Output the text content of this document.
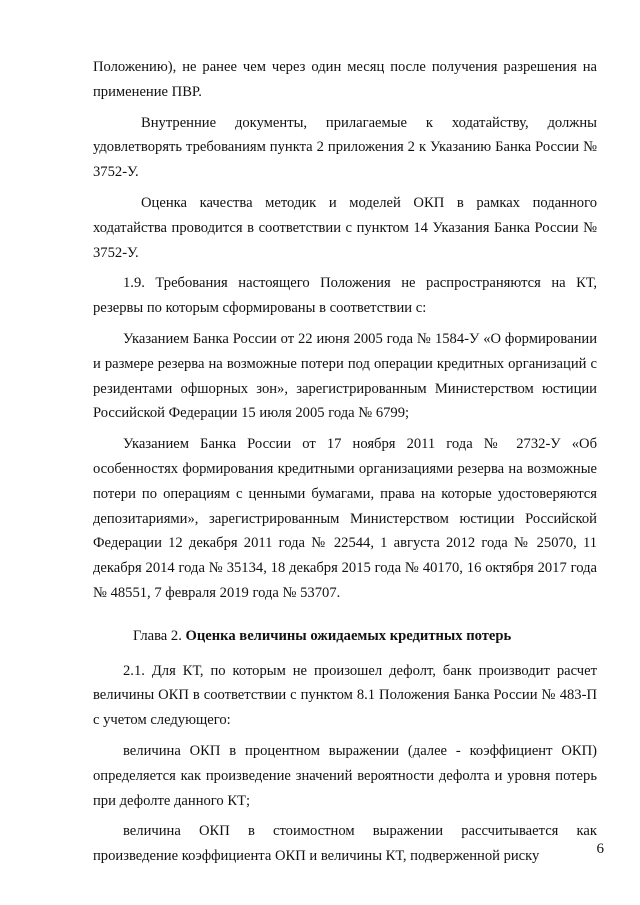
Положению), не ранее чем через один месяц после получения разрешения на применение ПВР.

Внутренние документы, прилагаемые к ходатайству, должны удовлетворять требованиям пункта 2 приложения 2 к Указанию Банка России № 3752-У.

Оценка качества методик и моделей ОКП в рамках поданного ходатайства проводится в соответствии с пунктом 14 Указания Банка России № 3752-У.

1.9. Требования настоящего Положения не распространяются на КТ, резервы по которым сформированы в соответствии с:

Указанием Банка России от 22 июня 2005 года № 1584-У «О формировании и размере резерва на возможные потери под операции кредитных организаций с резидентами офшорных зон», зарегистрированным Министерством юстиции Российской Федерации 15 июля 2005 года № 6799;

Указанием Банка России от 17 ноября 2011 года № 2732-У «Об особенностях формирования кредитными организациями резерва на возможные потери по операциям с ценными бумагами, права на которые удостоверяются депозитариями», зарегистрированным Министерством юстиции Российской Федерации 12 декабря 2011 года № 22544, 1 августа 2012 года № 25070, 11 декабря 2014 года № 35134, 18 декабря 2015 года № 40170, 16 октября 2017 года № 48551, 7 февраля 2019 года № 53707.

Глава 2. Оценка величины ожидаемых кредитных потерь

2.1. Для КТ, по которым не произошел дефолт, банк производит расчет величины ОКП в соответствии с пунктом 8.1 Положения Банка России № 483-П с учетом следующего:

величина ОКП в процентном выражении (далее - коэффициент ОКП) определяется как произведение значений вероятности дефолта и уровня потерь при дефолте данного КТ;

величина ОКП в стоимостном выражении рассчитывается как произведение коэффициента ОКП и величины КТ, подверженной риску	6
